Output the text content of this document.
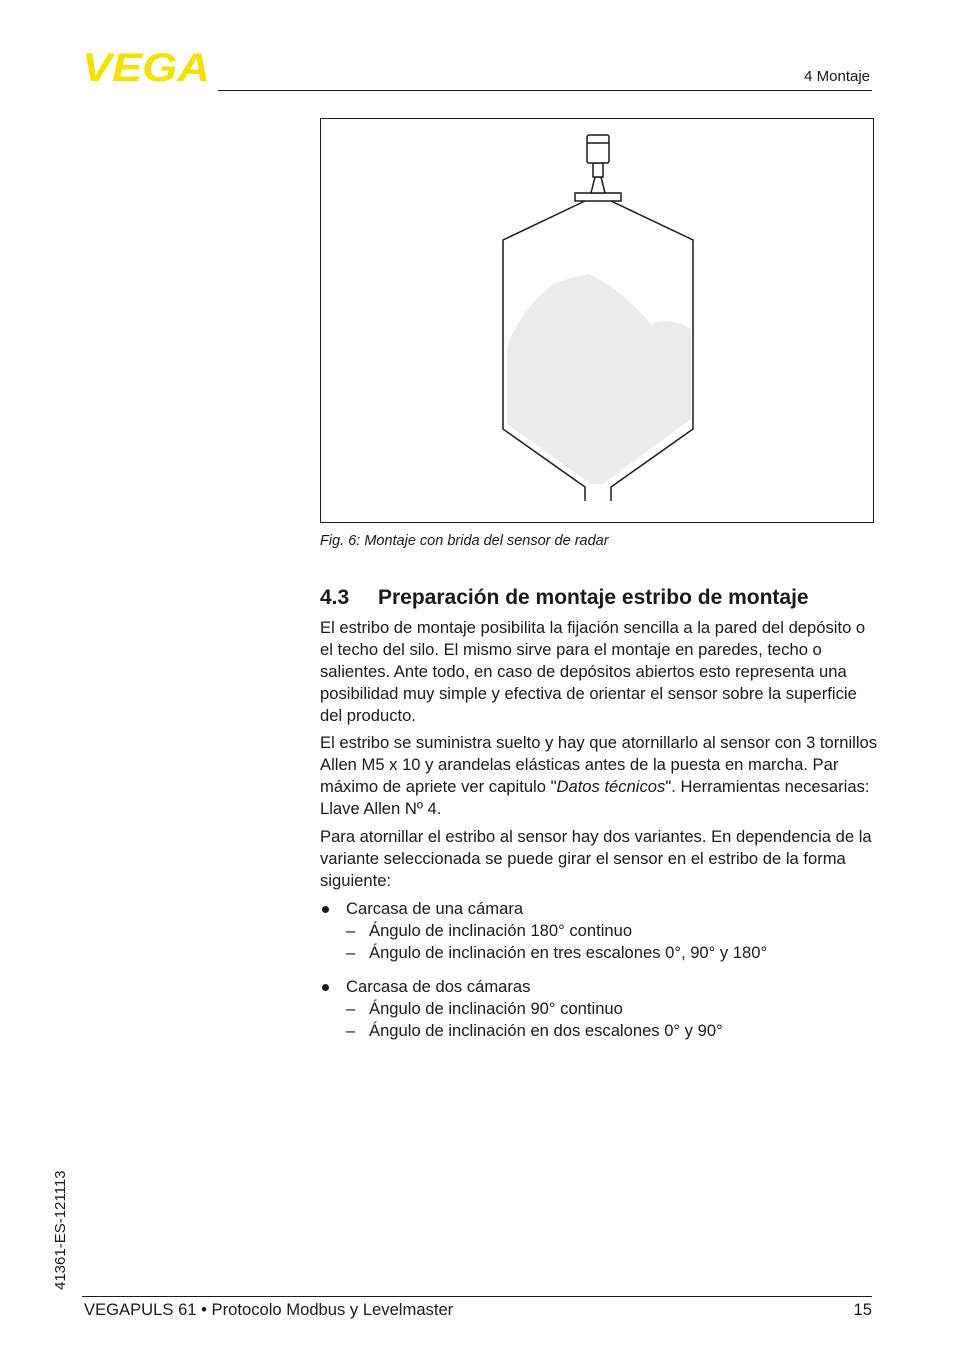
VEGA	4 Montaje
Fig. 6: Montaje con brida del sensor de radar
4.3 Preparación de montaje estribo de montaje
El estribo de montaje posibilita la fijación sencilla a la pared del depósito o el techo del silo. El mismo sirve para el montaje en paredes, techo o salientes. Ante todo, en caso de depósitos abiertos esto representa una posibilidad muy simple y efectiva de orientar el sensor sobre la superficie del producto.
El estribo se suministra suelto y hay que atornillarlo al sensor con 3 tornillos Allen M5 x 10 y arandelas elásticas antes de la puesta en marcha. Par máximo de apriete ver capitulo "Datos técnicos". Herramientas necesarias: Llave Allen Nº 4.
Para atornillar el estribo al sensor hay dos variantes. En dependencia de la variante seleccionada se puede girar el sensor en el estribo de la forma siguiente:
Carcasa de una cámara
– Ángulo de inclinación 180° continuo
– Ángulo de inclinación en tres escalones 0°, 90° y 180°
Carcasa de dos cámaras
– Ángulo de inclinación 90° continuo
– Ángulo de inclinación en dos escalones 0° y 90°
41361-ES-121113
VEGAPULS 61 • Protocolo Modbus y Levelmaster	15
